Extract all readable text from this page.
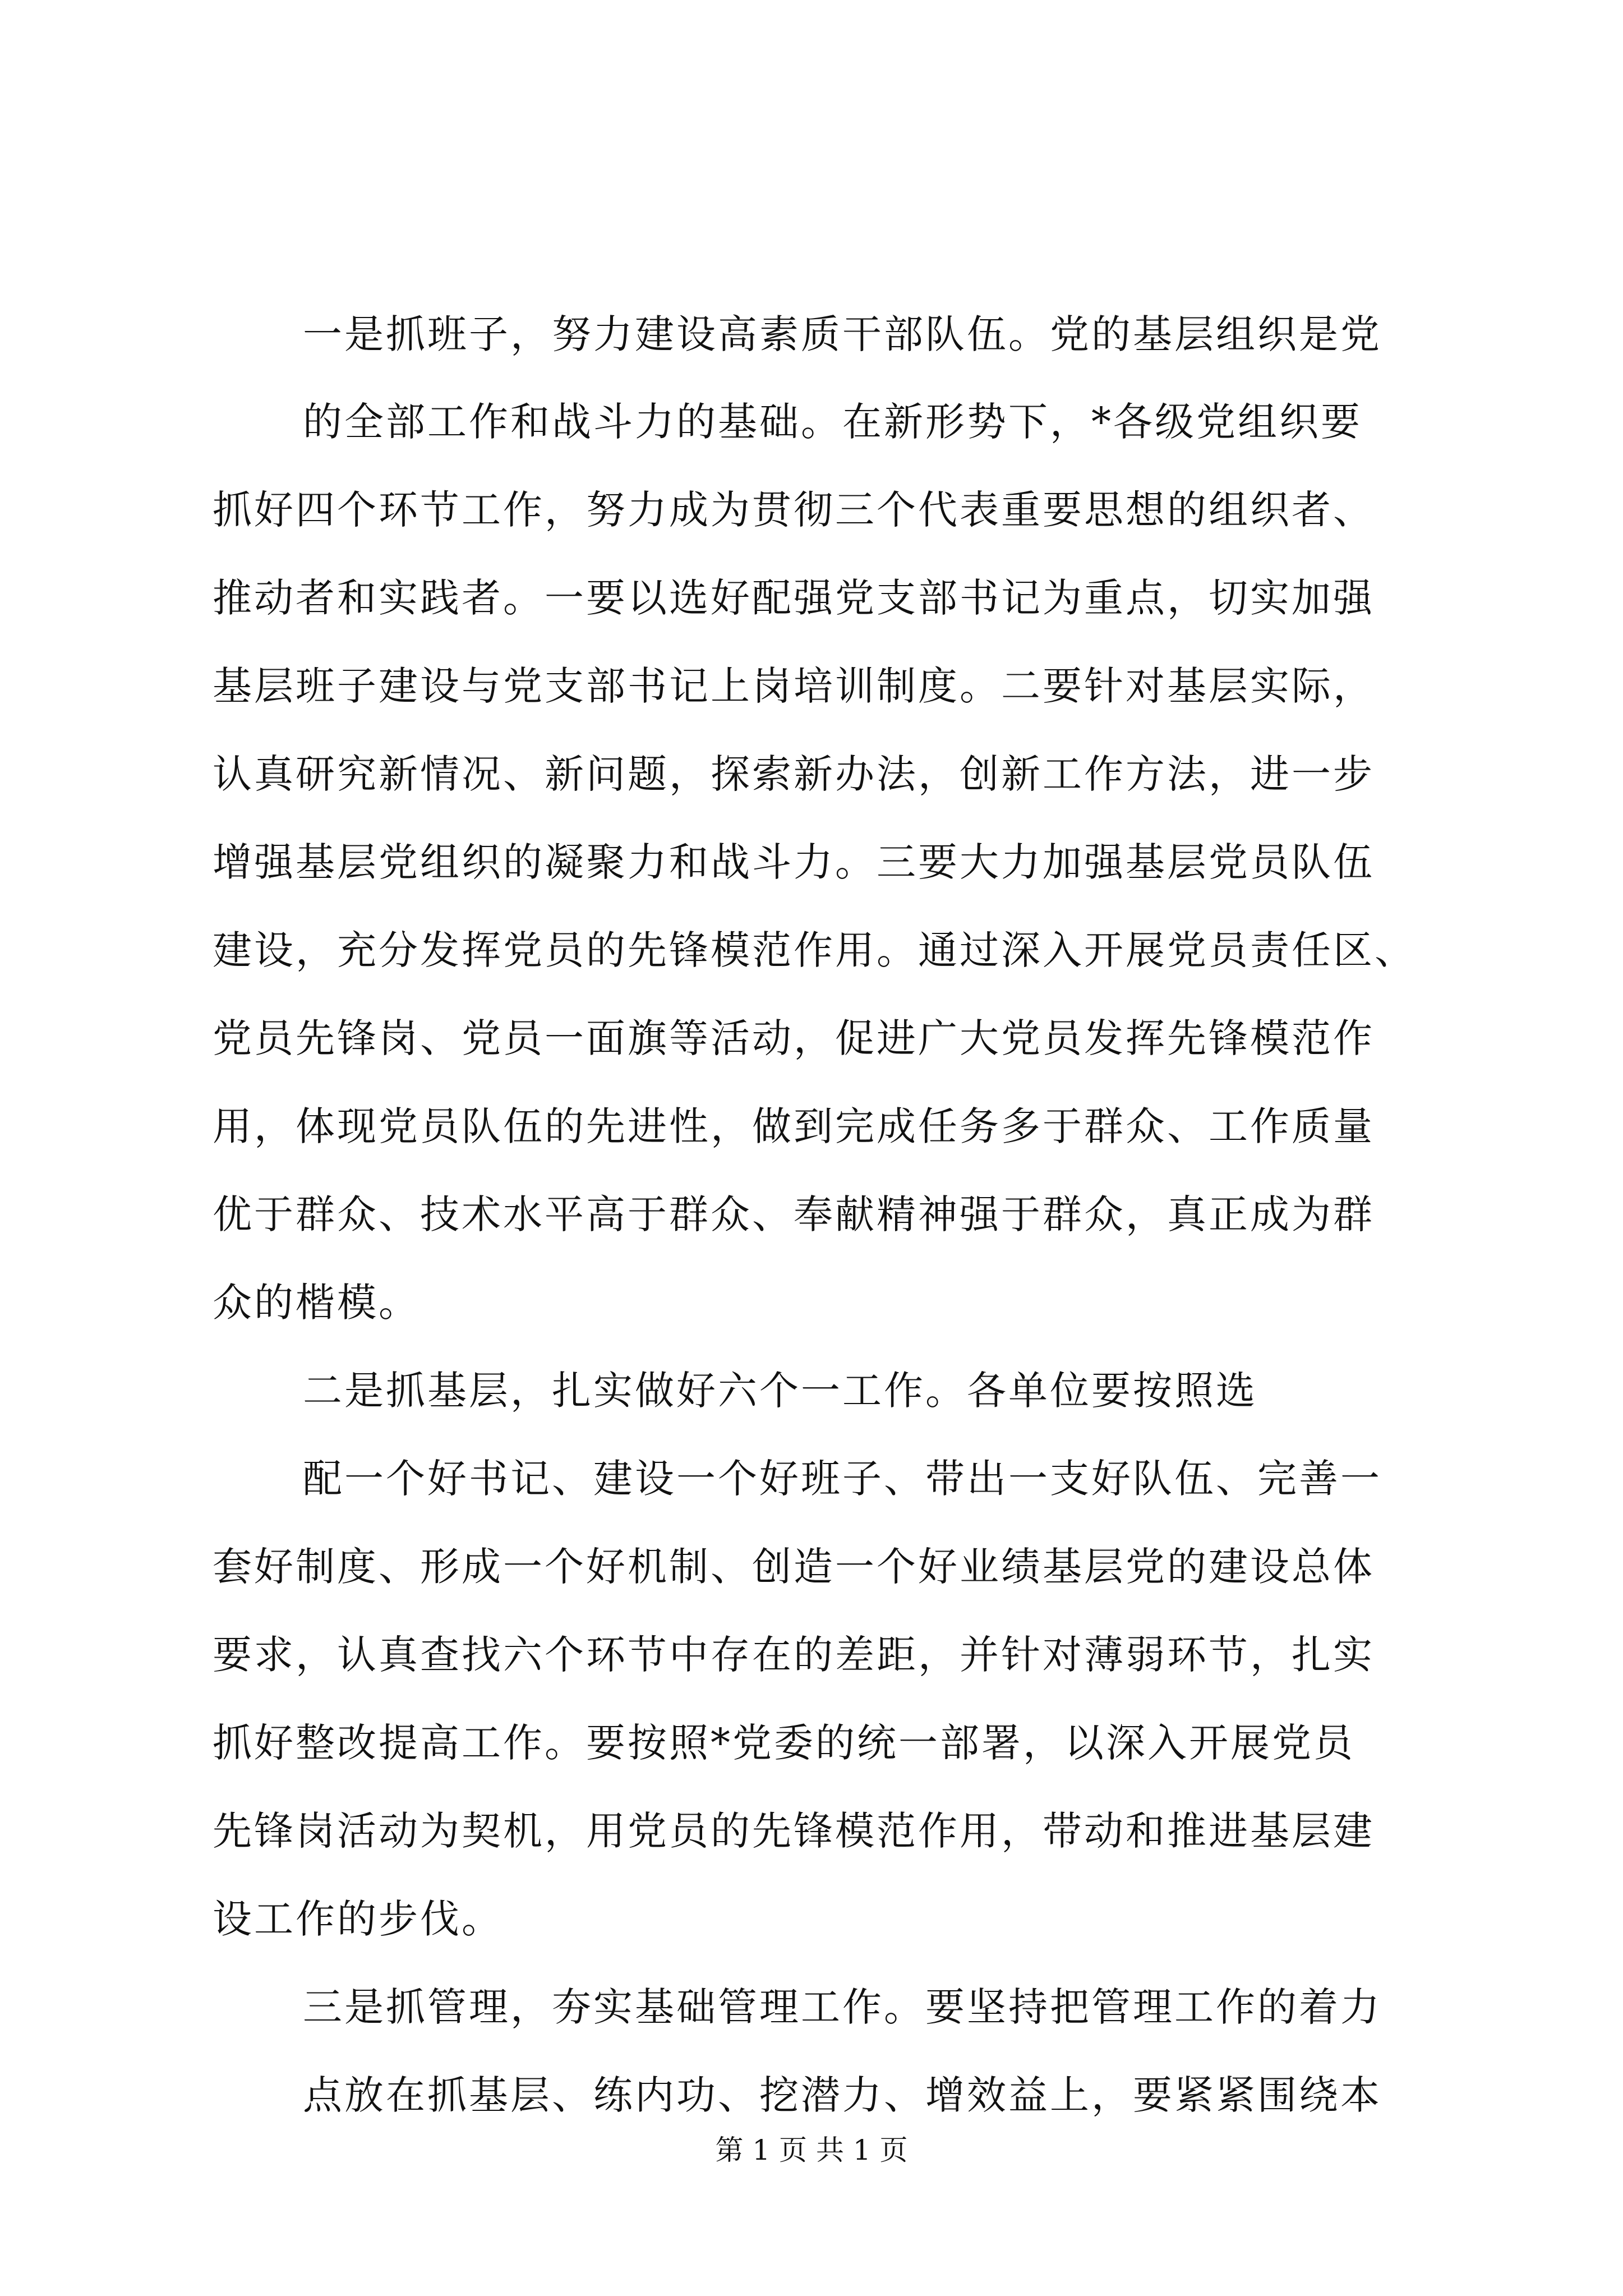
一是抓班子，努力建设高素质干部队伍。党的基层组织是党
的全部工作和战斗力的基础。在新形势下，*各级党组织要
抓好四个环节工作，努力成为贯彻三个代表重要思想的组织者、
推动者和实践者。一要以选好配强党支部书记为重点，切实加强
基层班子建设与党支部书记上岗培训制度。二要针对基层实际，
认真研究新情况、新问题，探索新办法，创新工作方法，进一步
增强基层党组织的凝聚力和战斗力。三要大力加强基层党员队伍
建设，充分发挥党员的先锋模范作用。通过深入开展党员责任区、
党员先锋岗、党员一面旗等活动，促进广大党员发挥先锋模范作
用，体现党员队伍的先进性，做到完成任务多于群众、工作质量
优于群众、技术水平高于群众、奉献精神强于群众，真正成为群
众的楷模。
二是抓基层，扎实做好六个一工作。各单位要按照选
配一个好书记、建设一个好班子、带出一支好队伍、完善一
套好制度、形成一个好机制、创造一个好业绩基层党的建设总体
要求，认真查找六个环节中存在的差距，并针对薄弱环节，扎实
抓好整改提高工作。要按照*党委的统一部署，以深入开展党员
先锋岗活动为契机，用党员的先锋模范作用，带动和推进基层建
设工作的步伐。
三是抓管理，夯实基础管理工作。要坚持把管理工作的着力
点放在抓基层、练内功、挖潜力、增效益上，要紧紧围绕本
第 1 页 共 1 页
